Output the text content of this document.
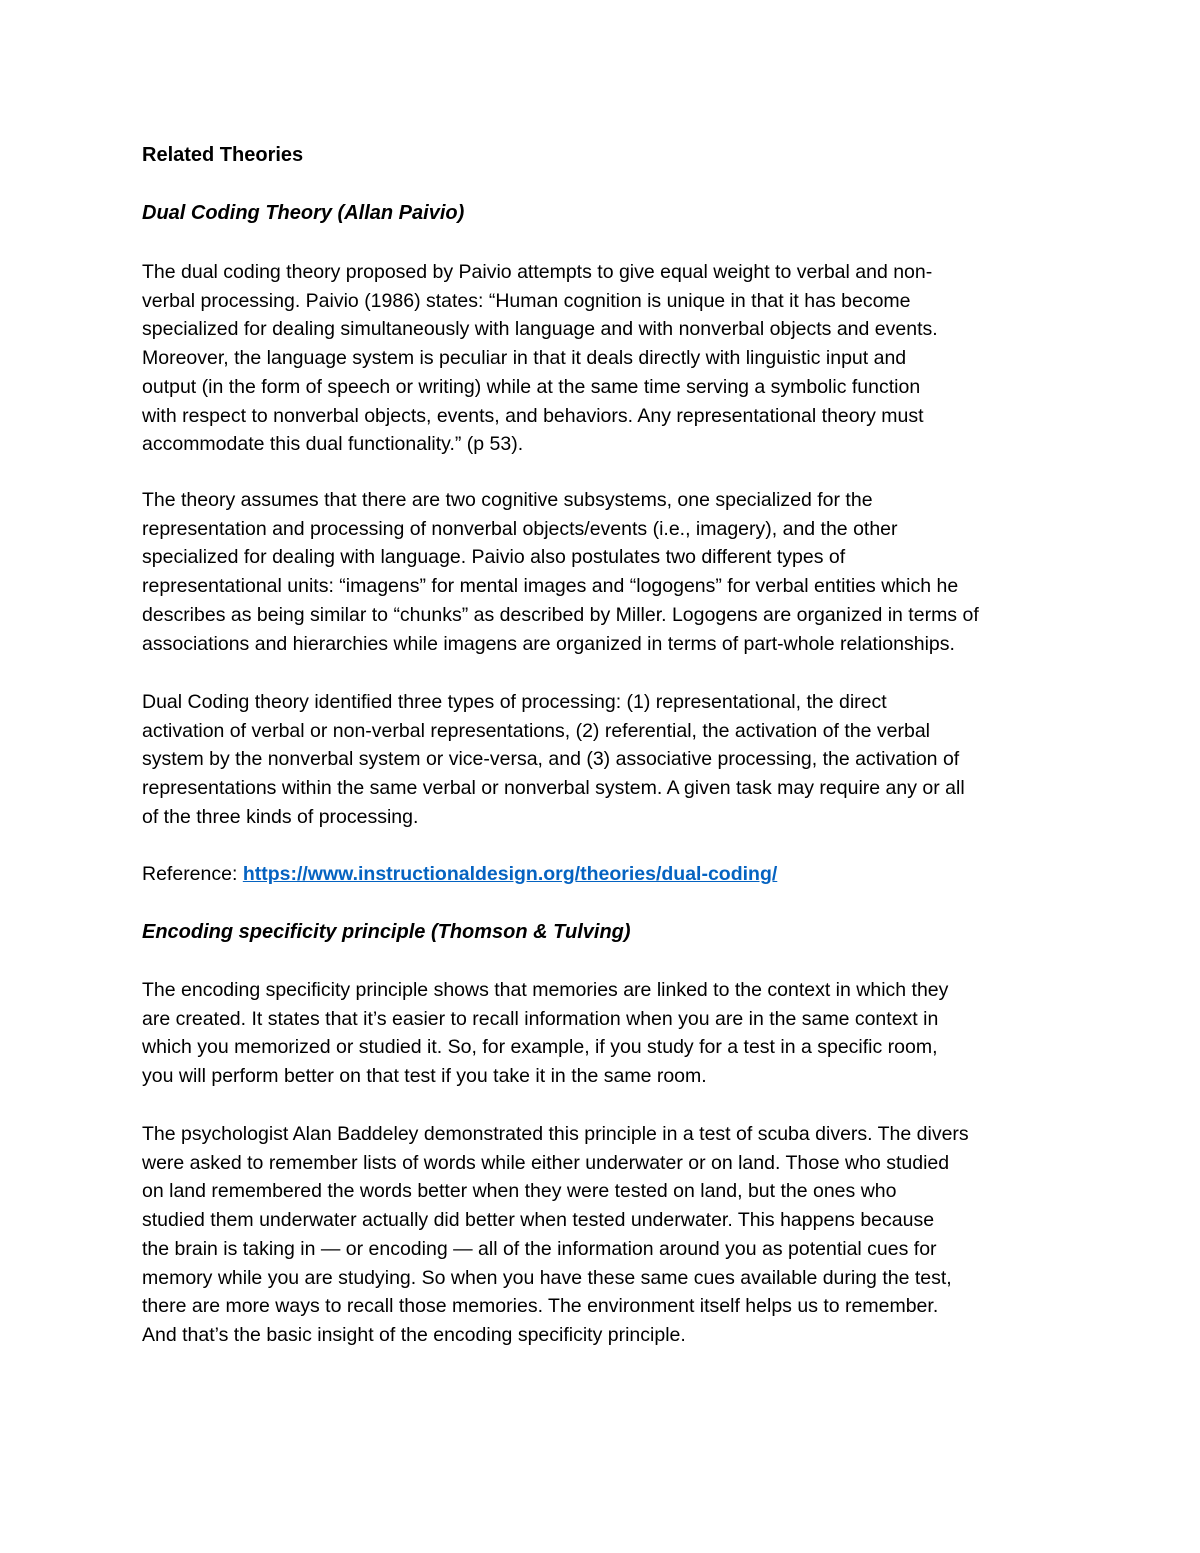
Related Theories
Dual Coding Theory (Allan Paivio)
The dual coding theory proposed by Paivio attempts to give equal weight to verbal and non-
verbal processing. Paivio (1986) states: “Human cognition is unique in that it has become
specialized for dealing simultaneously with language and with nonverbal objects and events.
Moreover, the language system is peculiar in that it deals directly with linguistic input and
output (in the form of speech or writing) while at the same time serving a symbolic function
with respect to nonverbal objects, events, and behaviors. Any representational theory must
accommodate this dual functionality.” (p 53).
The theory assumes that there are two cognitive subsystems, one specialized for the
representation and processing of nonverbal objects/events (i.e., imagery), and the other
specialized for dealing with language. Paivio also postulates two different types of
representational units: “imagens” for mental images and “logogens” for verbal entities which he
describes as being similar to “chunks” as described by Miller. Logogens are organized in terms of
associations and hierarchies while imagens are organized in terms of part-whole relationships.
Dual Coding theory identified three types of processing: (1) representational, the direct
activation of verbal or non-verbal representations, (2) referential, the activation of the verbal
system by the nonverbal system or vice-versa, and (3) associative processing, the activation of
representations within the same verbal or nonverbal system. A given task may require any or all
of the three kinds of processing.
Reference: https://www.instructionaldesign.org/theories/dual-coding/
Encoding specificity principle (Thomson & Tulving)
The encoding specificity principle shows that memories are linked to the context in which they
are created. It states that it’s easier to recall information when you are in the same context in
which you memorized or studied it. So, for example, if you study for a test in a specific room,
you will perform better on that test if you take it in the same room.
The psychologist Alan Baddeley demonstrated this principle in a test of scuba divers. The divers
were asked to remember lists of words while either underwater or on land. Those who studied
on land remembered the words better when they were tested on land, but the ones who
studied them underwater actually did better when tested underwater. This happens because
the brain is taking in — or encoding — all of the information around you as potential cues for
memory while you are studying. So when you have these same cues available during the test,
there are more ways to recall those memories. The environment itself helps us to remember.
And that’s the basic insight of the encoding specificity principle.
